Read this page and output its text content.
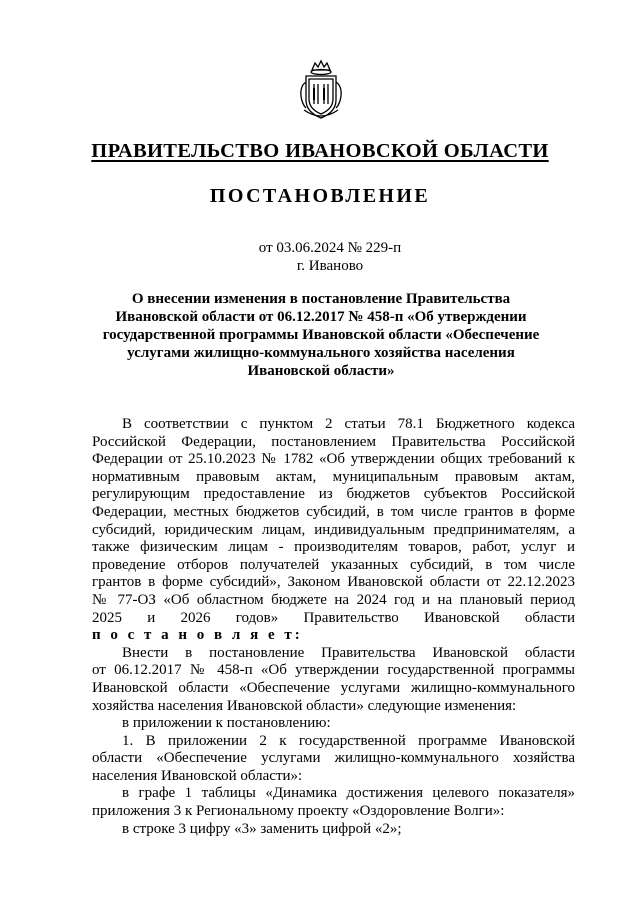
ПРАВИТЕЛЬСТВО ИВАНОВСКОЙ ОБЛАСТИ
ПОСТАНОВЛЕНИЕ
от 03.06.2024 № 229-п
г. Иваново
О внесении изменения в постановление Правительства
Ивановской области от 06.12.2017 № 458-п «Об утверждении
государственной программы Ивановской области «Обеспечение
услугами жилищно-коммунального хозяйства населения
Ивановской области»
В соответствии с пунктом 2 статьи 78.1 Бюджетного кодекса
Российской Федерации, постановлением Правительства Российской
Федерации от 25.10.2023 № 1782 «Об утверждении общих требований к
нормативным правовым актам, муниципальным правовым актам,
регулирующим предоставление из бюджетов субъектов Российской
Федерации, местных бюджетов субсидий, в том числе грантов в форме
субсидий, юридическим лицам, индивидуальным предпринимателям, а
также физическим лицам - производителям товаров, работ, услуг и
проведение отборов получателей указанных субсидий, в том числе
грантов в форме субсидий», Законом Ивановской области от 22.12.2023
№ 77-ОЗ «Об областном бюджете на 2024 год и на плановый период
2025 и 2026 годов» Правительство Ивановской области
п о с т а н о в л я е т:
Внести в постановление Правительства Ивановской области
от 06.12.2017 № 458-п «Об утверждении государственной программы
Ивановской области «Обеспечение услугами жилищно-коммунального
хозяйства населения Ивановской области» следующие изменения:
в приложении к постановлению:
1. В приложении 2 к государственной программе Ивановской
области «Обеспечение услугами жилищно-коммунального хозяйства
населения Ивановской области»:
в графе 1 таблицы «Динамика достижения целевого показателя»
приложения 3 к Региональному проекту «Оздоровление Волги»:
в строке 3 цифру «3» заменить цифрой «2»;
